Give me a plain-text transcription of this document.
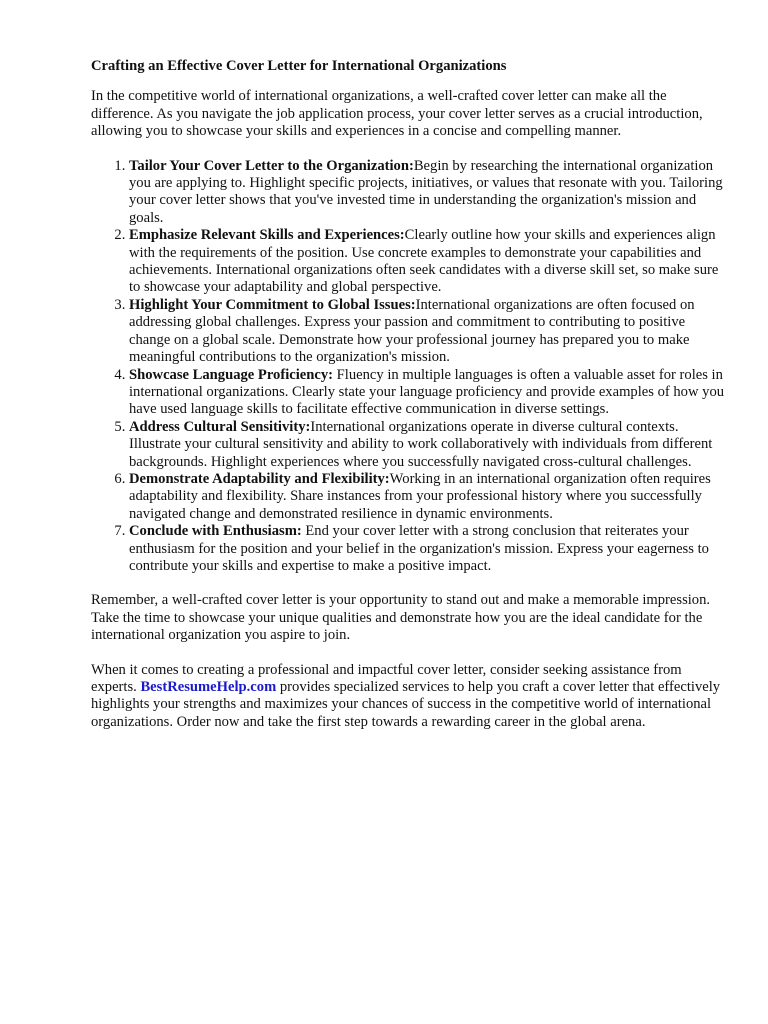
Crafting an Effective Cover Letter for International Organizations

In the competitive world of international organizations, a well-crafted cover letter can make all the difference. As you navigate the job application process, your cover letter serves as a crucial introduction, allowing you to showcase your skills and experiences in a concise and compelling manner.

1. Tailor Your Cover Letter to the Organization:Begin by researching the international organization you are applying to. Highlight specific projects, initiatives, or values that resonate with you. Tailoring your cover letter shows that you've invested time in understanding the organization's mission and goals.
2. Emphasize Relevant Skills and Experiences:Clearly outline how your skills and experiences align with the requirements of the position. Use concrete examples to demonstrate your capabilities and achievements. International organizations often seek candidates with a diverse skill set, so make sure to showcase your adaptability and global perspective.
3. Highlight Your Commitment to Global Issues:International organizations are often focused on addressing global challenges. Express your passion and commitment to contributing to positive change on a global scale. Demonstrate how your professional journey has prepared you to make meaningful contributions to the organization's mission.
4. Showcase Language Proficiency: Fluency in multiple languages is often a valuable asset for roles in international organizations. Clearly state your language proficiency and provide examples of how you have used language skills to facilitate effective communication in diverse settings.
5. Address Cultural Sensitivity:International organizations operate in diverse cultural contexts. Illustrate your cultural sensitivity and ability to work collaboratively with individuals from different backgrounds. Highlight experiences where you successfully navigated cross-cultural challenges.
6. Demonstrate Adaptability and Flexibility:Working in an international organization often requires adaptability and flexibility. Share instances from your professional history where you successfully navigated change and demonstrated resilience in dynamic environments.
7. Conclude with Enthusiasm: End your cover letter with a strong conclusion that reiterates your enthusiasm for the position and your belief in the organization's mission. Express your eagerness to contribute your skills and expertise to make a positive impact.

Remember, a well-crafted cover letter is your opportunity to stand out and make a memorable impression. Take the time to showcase your unique qualities and demonstrate how you are the ideal candidate for the international organization you aspire to join.

When it comes to creating a professional and impactful cover letter, consider seeking assistance from experts. BestResumeHelp.com provides specialized services to help you craft a cover letter that effectively highlights your strengths and maximizes your chances of success in the competitive world of international organizations. Order now and take the first step towards a rewarding career in the global arena.
